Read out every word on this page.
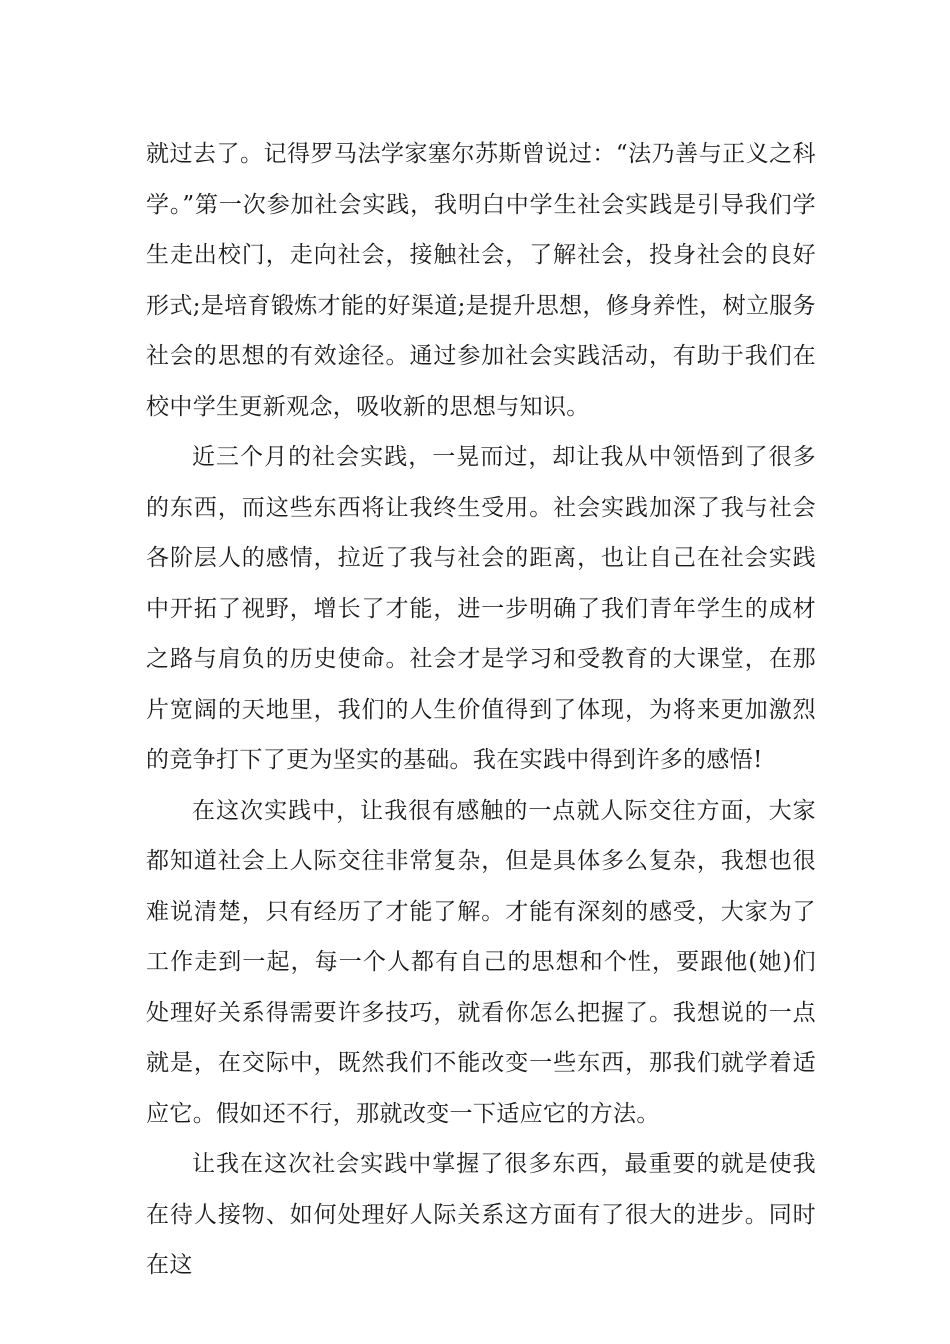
就过去了。记得罗马法学家塞尔苏斯曾说过：“法乃善与正义之科学。”第一次参加社会实践，我明白中学生社会实践是引导我们学生走出校门，走向社会，接触社会，了解社会，投身社会的良好形式;是培育锻炼才能的好渠道;是提升思想，修身养性，树立服务社会的思想的有效途径。通过参加社会实践活动，有助于我们在校中学生更新观念，吸收新的思想与知识。

近三个月的社会实践，一晃而过，却让我从中领悟到了很多的东西，而这些东西将让我终生受用。社会实践加深了我与社会各阶层人的感情，拉近了我与社会的距离，也让自己在社会实践中开拓了视野，增长了才能，进一步明确了我们青年学生的成材之路与肩负的历史使命。社会才是学习和受教育的大课堂，在那片宽阔的天地里，我们的人生价值得到了体现，为将来更加激烈的竞争打下了更为坚实的基础。我在实践中得到许多的感悟!

在这次实践中，让我很有感触的一点就人际交往方面，大家都知道社会上人际交往非常复杂，但是具体多么复杂，我想也很难说清楚，只有经历了才能了解。才能有深刻的感受，大家为了工作走到一起，每一个人都有自己的思想和个性，要跟他(她)们处理好关系得需要许多技巧，就看你怎么把握了。我想说的一点就是，在交际中，既然我们不能改变一些东西，那我们就学着适应它。假如还不行，那就改变一下适应它的方法。

让我在这次社会实践中掌握了很多东西，最重要的就是使我在待人接物、如何处理好人际关系这方面有了很大的进步。同时在这
